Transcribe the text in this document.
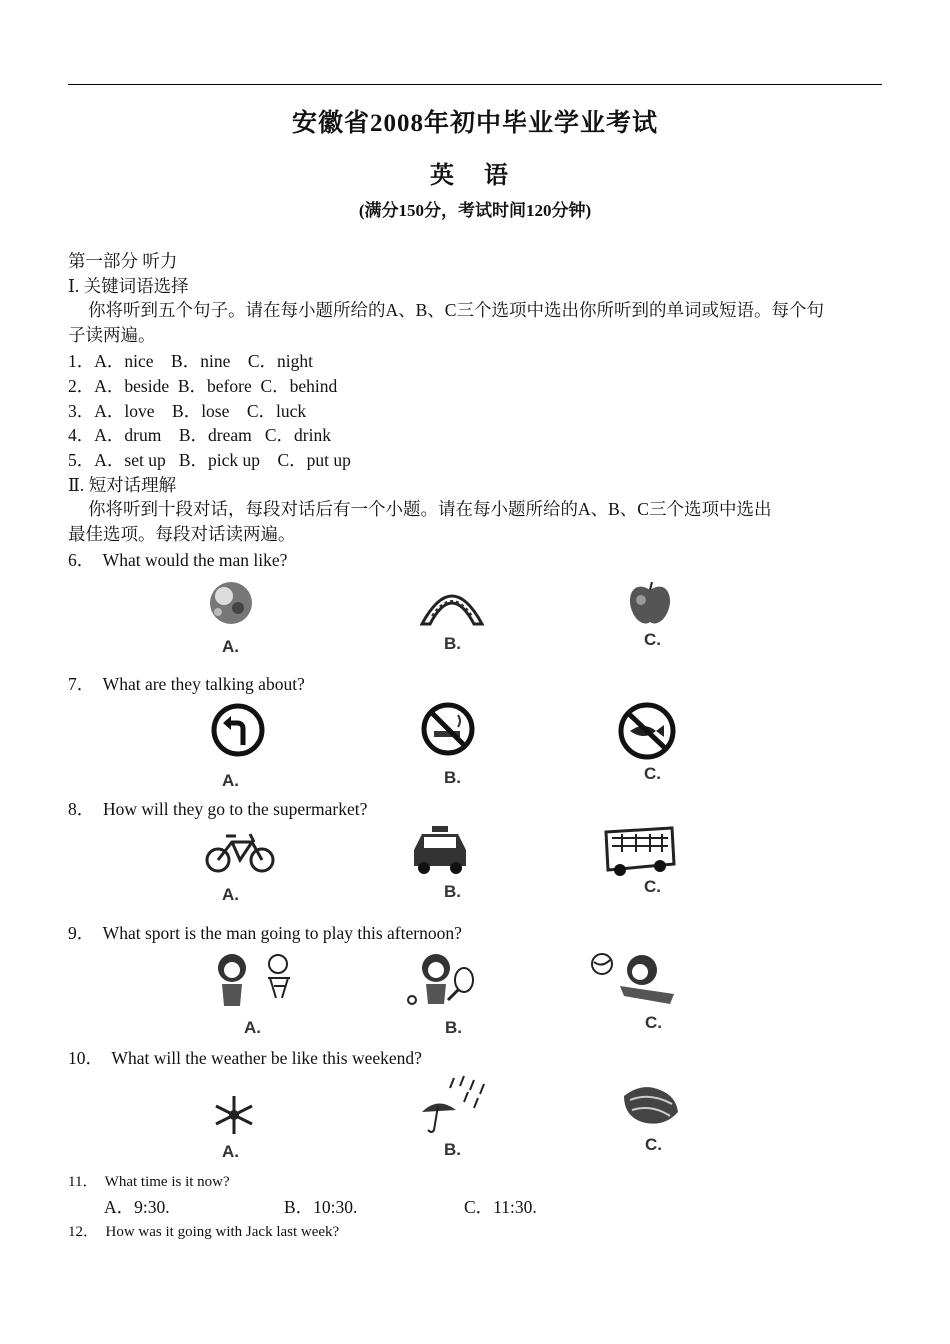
安徽省2008年初中毕业学业考试
英 语
(满分150分，考试时间120分钟)
第一部分 听力
Ⅰ. 关键词语选择
你将听到五个句子。请在每小题所给的A、B、C三个选项中选出你所听到的单词或短语。每个句
子读两遍。
1．A．nice    B．nine    C．night
2．A．beside  B．before  C．behind
3．A．love    B．lose    C．luck
4．A．drum    B．dream   C．drink
5．A．set up   B．pick up    C．put up
Ⅱ. 短对话理解
你将听到十段对话，每段对话后有一个小题。请在每小题所给的A、B、C三个选项中选出
最佳选项。每段对话读两遍。
6．  What would the man like?
A.	B.	C.
7．  What are they talking about?
A.	B.	C.
8．  How will they go to the supermarket?
A.	B.	C.
9．  What sport is the man going to play this afternoon?
A.	B.	C.
10．  What will the weather be like this weekend?
A.	B.	C.
11．  What time is it now?
A．9:30.	B．10:30.	C．11:30.
12．  How was it going with Jack last week?
